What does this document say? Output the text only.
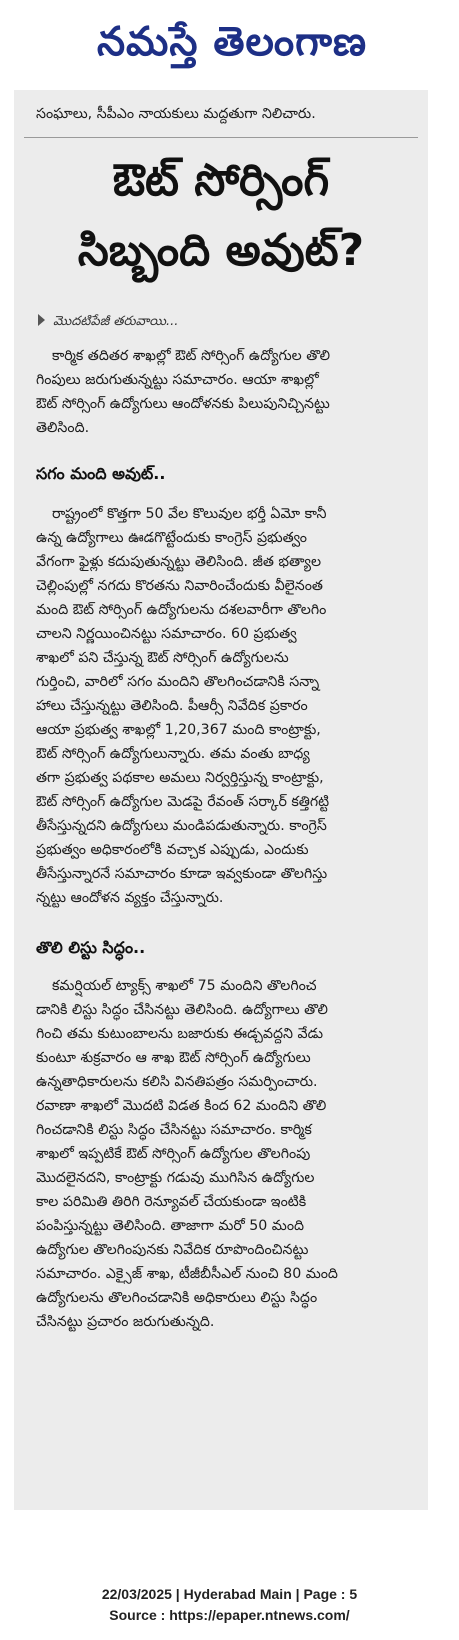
నమస్తే తెలంగాణ
సంఘాలు, సీపీఎం నాయకులు మద్దతుగా నిలిచారు.
ఔట్ సోర్సింగ్
సిబ్బంది అవుట్?
మొదటిపేజీ తరువాయి...
కార్మిక తదితర శాఖల్లో ఔట్ సోర్సింగ్ ఉద్యోగుల తొలి
గింపులు జరుగుతున్నట్టు సమాచారం. ఆయా శాఖల్లో
ఔట్ సోర్సింగ్ ఉద్యోగులు ఆందోళనకు పిలుపునిచ్చినట్టు
తెలిసింది.
సగం మంది అవుట్..
రాష్ట్రంలో కొత్తగా 50 వేల కొలువుల భర్తీ ఏమో కానీ
ఉన్న ఉద్యోగాలు ఊడగొట్టేందుకు కాంగ్రెస్ ప్రభుత్వం
వేగంగా ఫైళ్లు కదుపుతున్నట్టు తెలిసింది. జీత భత్యాల
చెల్లింపుల్లో నగదు కొరతను నివారించేందుకు వీలైనంత
మంది ఔట్ సోర్సింగ్ ఉద్యోగులను దశలవారీగా తొలగిం
చాలని నిర్ణయించినట్టు సమాచారం. 60 ప్రభుత్వ
శాఖలో పని చేస్తున్న ఔట్ సోర్సింగ్ ఉద్యోగులను
గుర్తించి, వారిలో సగం మందిని తొలగించడానికి సన్నా
హాలు చేస్తున్నట్టు తెలిసింది. పీఆర్సీ నివేదిక ప్రకారం
ఆయా ప్రభుత్వ శాఖల్లో 1,20,367 మంది కాంట్రాక్టు,
ఔట్ సోర్సింగ్ ఉద్యోగులున్నారు. తమ వంతు బాధ్య
తగా ప్రభుత్వ పథకాల అమలు నిర్వర్తిస్తున్న కాంట్రాక్టు,
ఔట్ సోర్సింగ్ ఉద్యోగుల మెడపై రేవంత్ సర్కార్ కత్తిగట్టి
తీసేస్తున్నదని ఉద్యోగులు మండిపడుతున్నారు. కాంగ్రెస్
ప్రభుత్వం అధికారంలోకి వచ్చాక ఎప్పుడు, ఎందుకు
తీసేస్తున్నారనే సమాచారం కూడా ఇవ్వకుండా తొలగిస్తు
న్నట్టు ఆందోళన వ్యక్తం చేస్తున్నారు.
తొలి లిస్టు సిద్ధం..
కమర్షియల్ ట్యాక్స్ శాఖలో 75 మందిని తొలగించ
డానికి లిస్టు సిద్ధం చేసినట్టు తెలిసింది. ఉద్యోగాలు తొలి
గించి తమ కుటుంబాలను బజారుకు ఈడ్చవద్దని వేడు
కుంటూ శుక్రవారం ఆ శాఖ ఔట్ సోర్సింగ్ ఉద్యోగులు
ఉన్నతాధికారులను కలిసి వినతిపత్రం సమర్పించారు.
రవాణా శాఖలో మొదటి విడత కింద 62 మందిని తొలి
గించడానికి లిస్టు సిద్ధం చేసినట్టు సమాచారం. కార్మిక
శాఖలో ఇప్పటికే ఔట్ సోర్సింగ్ ఉద్యోగుల తొలగింపు
మొదలైనదని, కాంట్రాక్టు గడువు ముగిసిన ఉద్యోగుల
కాల పరిమితి తిరిగి రెన్యూవల్ చేయకుండా ఇంటికి
పంపిస్తున్నట్టు తెలిసింది. తాజాగా మరో 50 మంది
ఉద్యోగుల తొలగింపునకు నివేదిక రూపొందించినట్టు
సమాచారం. ఎక్సైజ్ శాఖ, టీజీబీసీఎల్ నుంచి 80 మంది
ఉద్యోగులను తొలగించడానికి అధికారులు లిస్టు సిద్ధం
చేసినట్టు ప్రచారం జరుగుతున్నది.
22/03/2025 | Hyderabad Main | Page : 5
Source : https://epaper.ntnews.com/
